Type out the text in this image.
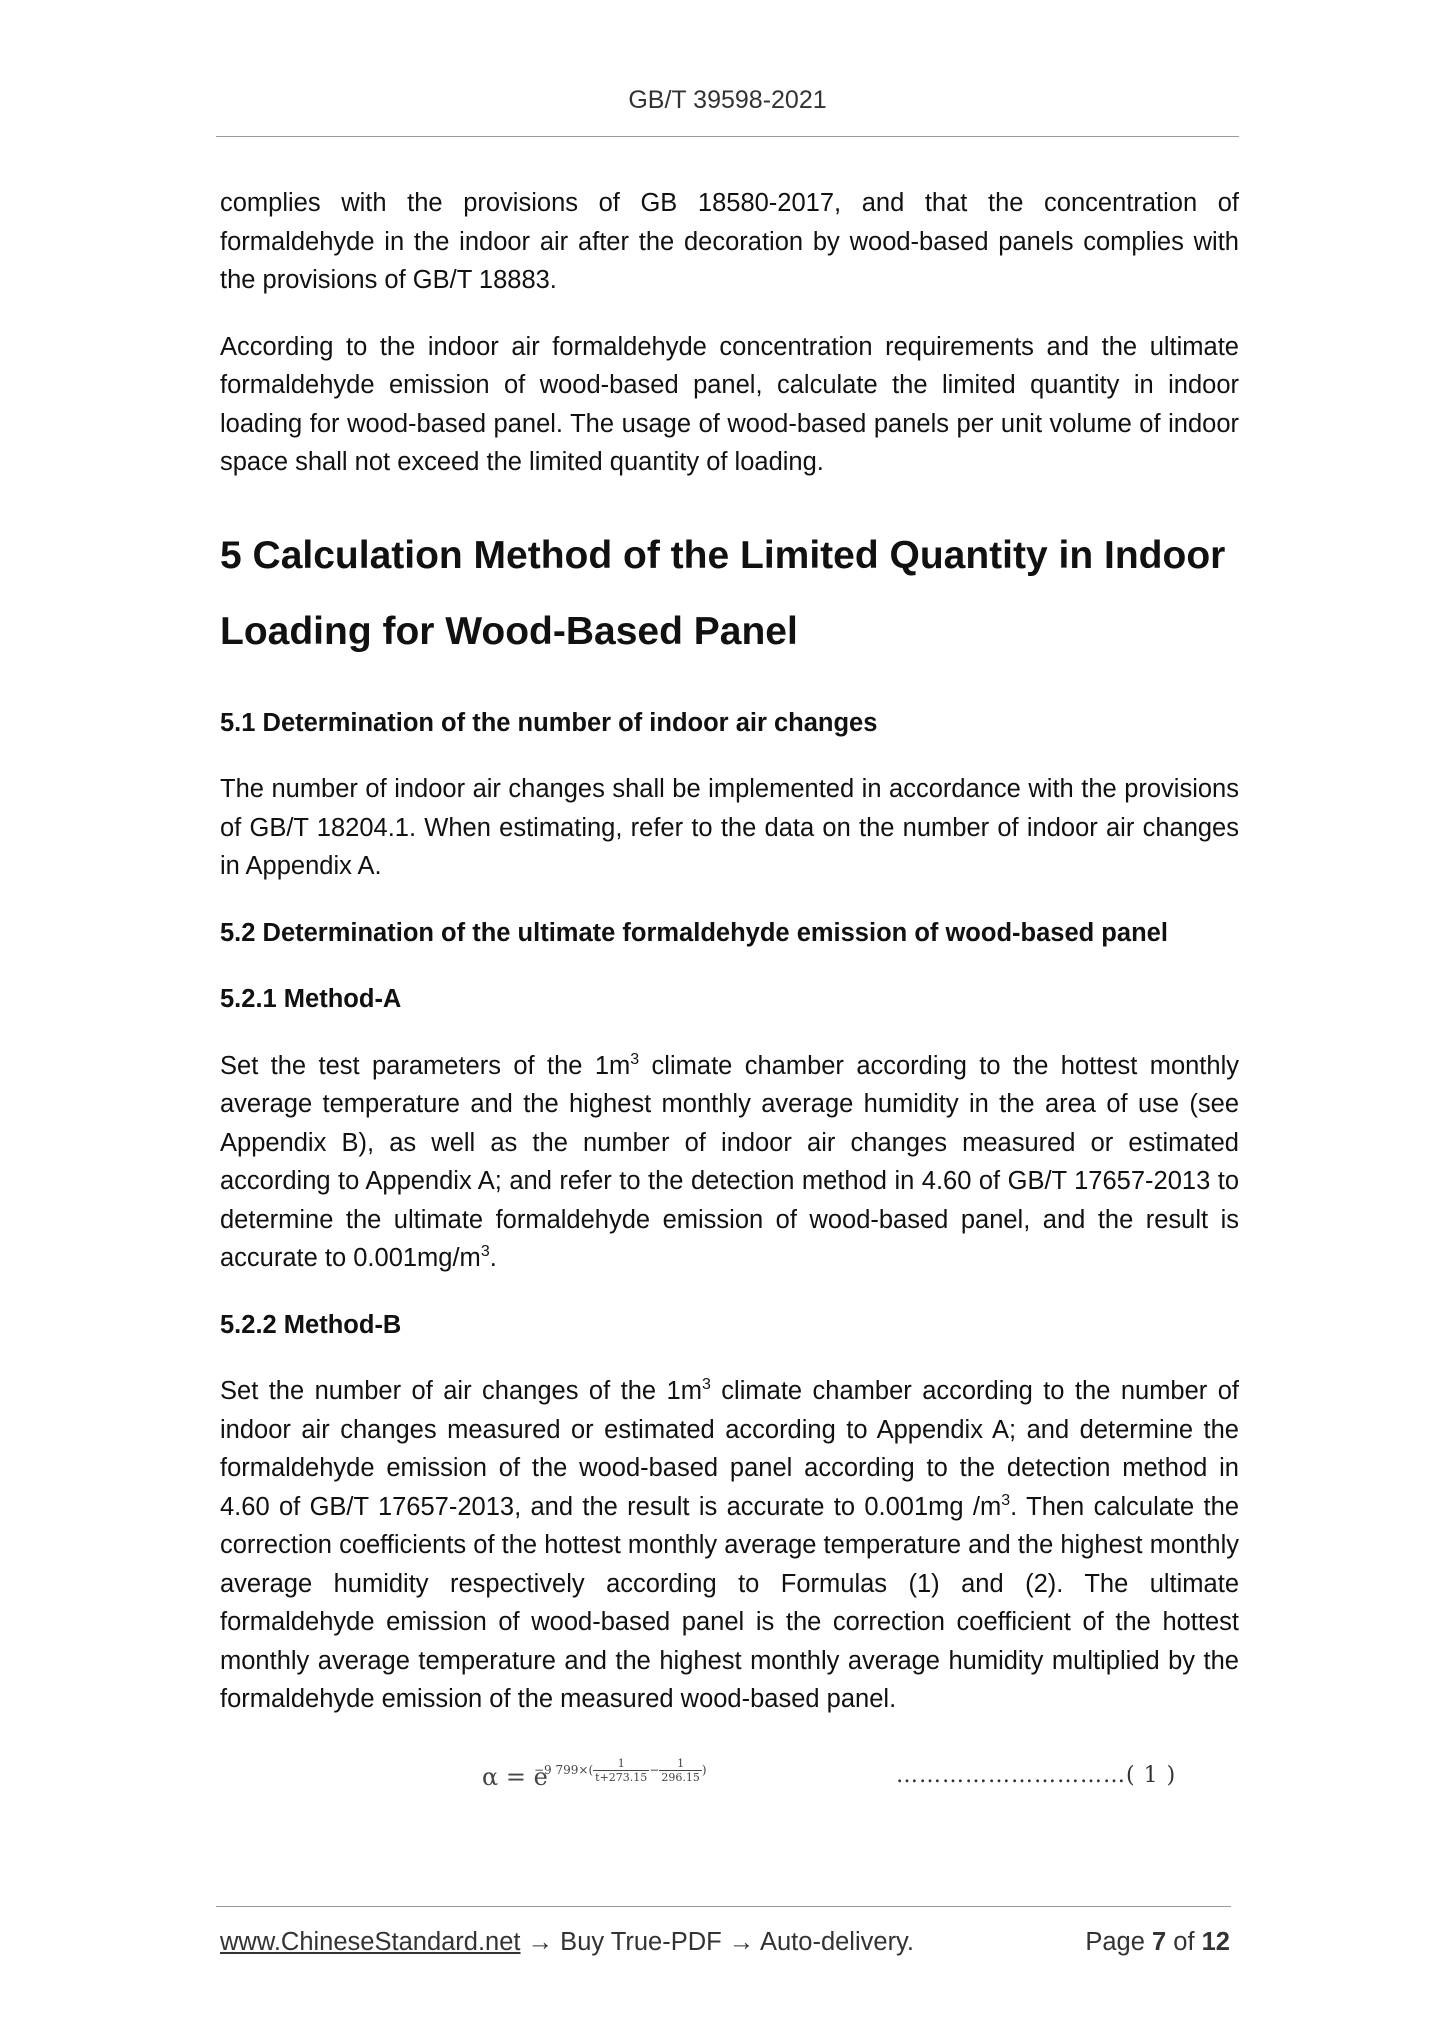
GB/T 39598-2021

complies with the provisions of GB 18580-2017, and that the concentration of formaldehyde in the indoor air after the decoration by wood-based panels complies with the provisions of GB/T 18883.

According to the indoor air formaldehyde concentration requirements and the ultimate formaldehyde emission of wood-based panel, calculate the limited quantity in indoor loading for wood-based panel. The usage of wood-based panels per unit volume of indoor space shall not exceed the limited quantity of loading.

5 Calculation Method of the Limited Quantity in Indoor Loading for Wood-Based Panel
5.1 Determination of the number of indoor air changes

The number of indoor air changes shall be implemented in accordance with the provisions of GB/T 18204.1. When estimating, refer to the data on the number of indoor air changes in Appendix A.

5.2 Determination of the ultimate formaldehyde emission of wood-based panel
5.2.1 Method-A

Set the test parameters of the $1m^3$ climate chamber according to the hottest monthly average temperature and the highest monthly average humidity in the area of use (see Appendix B), as well as the number of indoor air changes measured or estimated according to Appendix A; and refer to the detection method in 4.60 of GB/T 17657-2013 to determine the ultimate formaldehyde emission of wood-based panel, and the result is accurate to $0.001mg/m^3$.

5.2.2 Method-B

Set the number of air changes of the $1m^3$ climate chamber according to the number of indoor air changes measured or estimated according to Appendix A; and determine the formaldehyde emission of the wood-based panel according to the detection method in 4.60 of GB/T 17657-2013, and the result is accurate to 0.001mg $/m^3$. Then calculate the correction coefficients of the hottest monthly average temperature and the highest monthly average humidity respectively according to Formulas (1) and (2). The ultimate formaldehyde emission of wood-based panel is the correction coefficient of the hottest monthly average temperature and the highest monthly average humidity multiplied by the formaldehyde emission of the measured wood-based panel.

α = e
−9 $799\times( \frac{1}{t+273.15} - \frac{1}{296.15}$ )	…………………………( 1 )
www.ChineseStandard.net → Buy True-PDF → Auto-delivery.	Page 7 of 12
